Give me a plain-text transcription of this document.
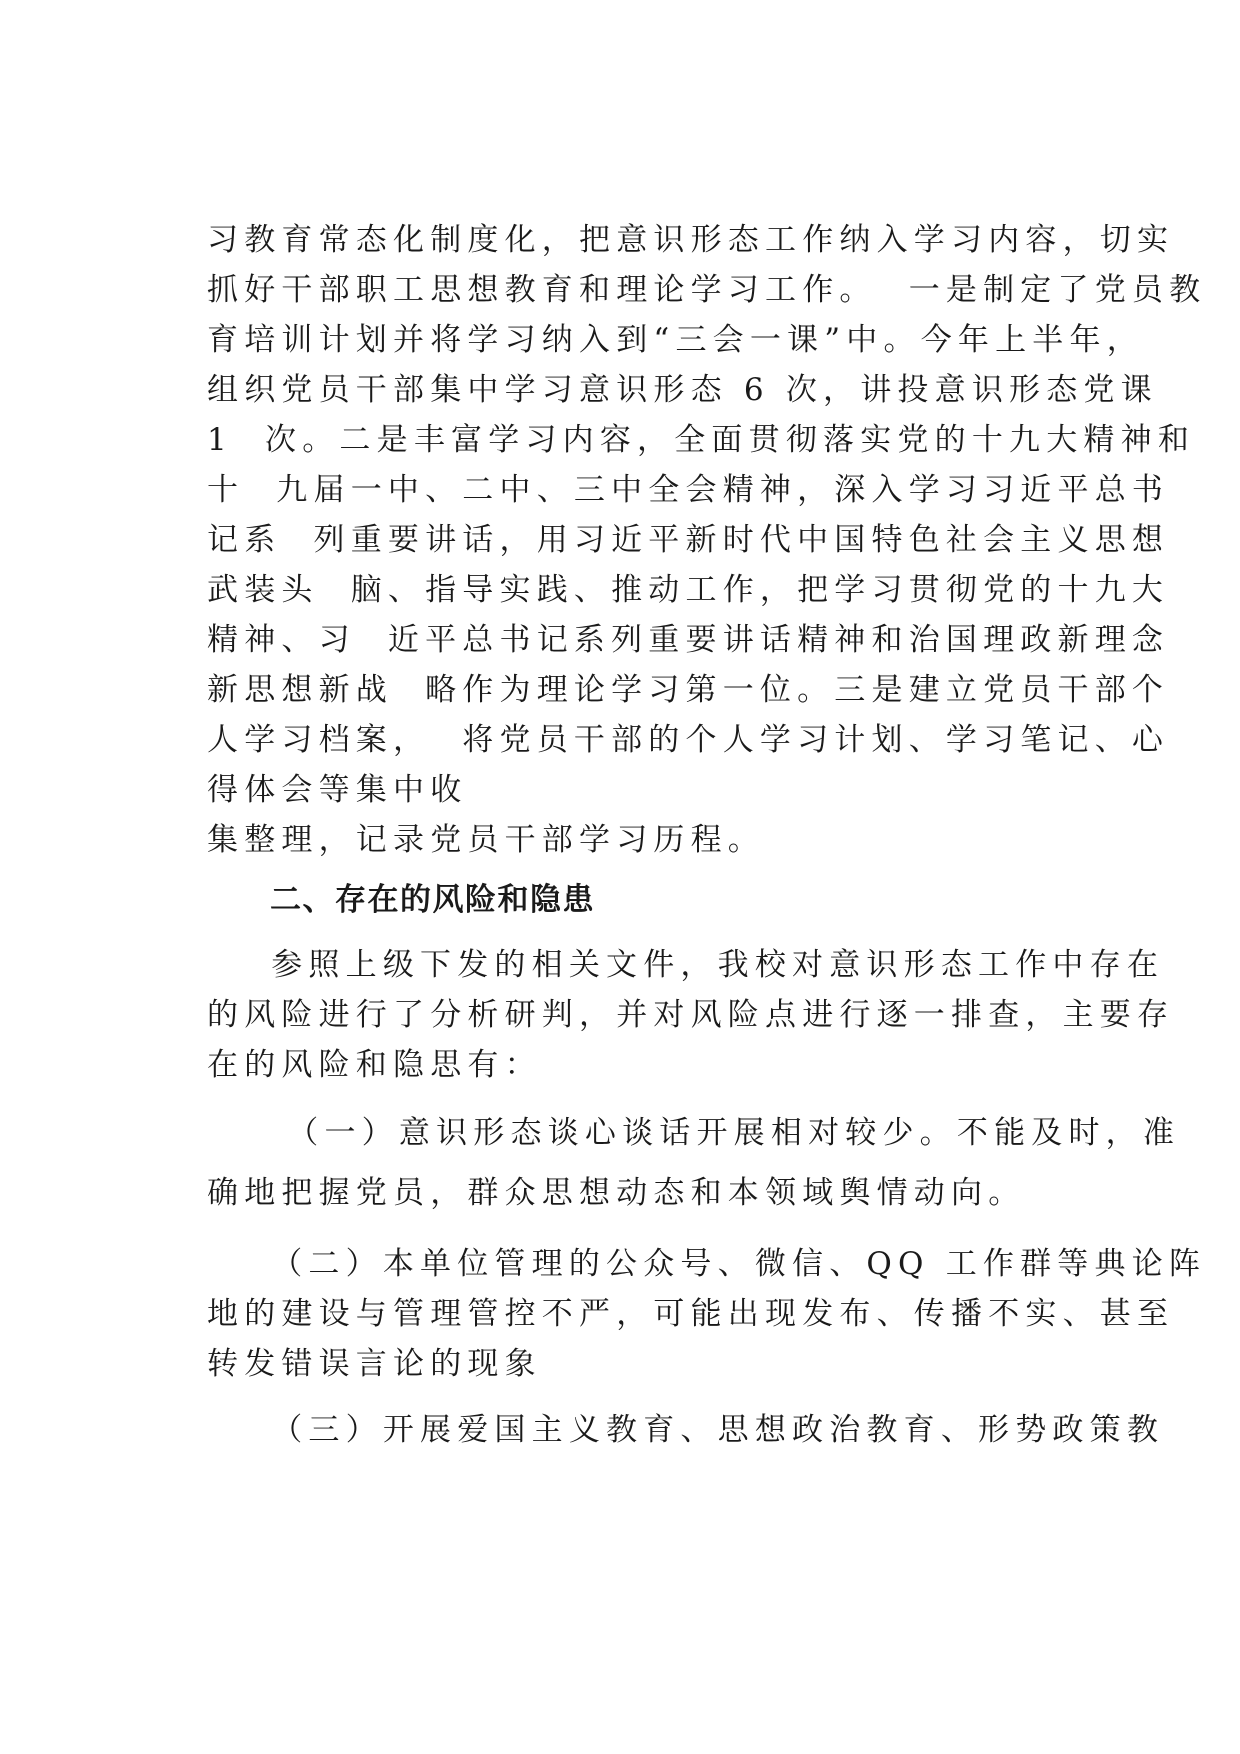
习教育常态化制度化，把意识形态工作纳入学习内容，切实
抓好干部职工思想教育和理论学习工作。  一是制定了党员教
育培训计划并将学习纳入到“三会一课”中。今年上半年，
组织党员干部集中学习意识形态 6 次，讲投意识形态党课
1  次。二是丰富学习内容，全面贯彻落实党的十九大精神和
十  九届一中、二中、三中全会精神，深入学习习近平总书
记系  列重要讲话，用习近平新时代中国特色社会主义思想
武装头  脑、指导实践、推动工作，把学习贯彻党的十九大
精神、习  近平总书记系列重要讲话精神和治国理政新理念
新思想新战  略作为理论学习第一位。三是建立党员干部个
人学习档案，  将党员干部的个人学习计划、学习笔记、心
得体会等集中收
集整理，记录党员干部学习历程。
二、存在的风险和隐患
参照上级下发的相关文件，我校对意识形态工作中存在
的风险进行了分析研判，并对风险点进行逐一排查，主要存
在的风险和隐思有：
（一）意识形态谈心谈话开展相对较少。不能及时，准
确地把握党员，群众思想动态和本领域舆情动向。
（二）本单位管理的公众号、微信、QQ 工作群等典论阵
地的建设与管理管控不严，可能出现发布、传播不实、甚至
转发错误言论的现象
（三）开展爱国主义教育、思想政治教育、形势政策教
